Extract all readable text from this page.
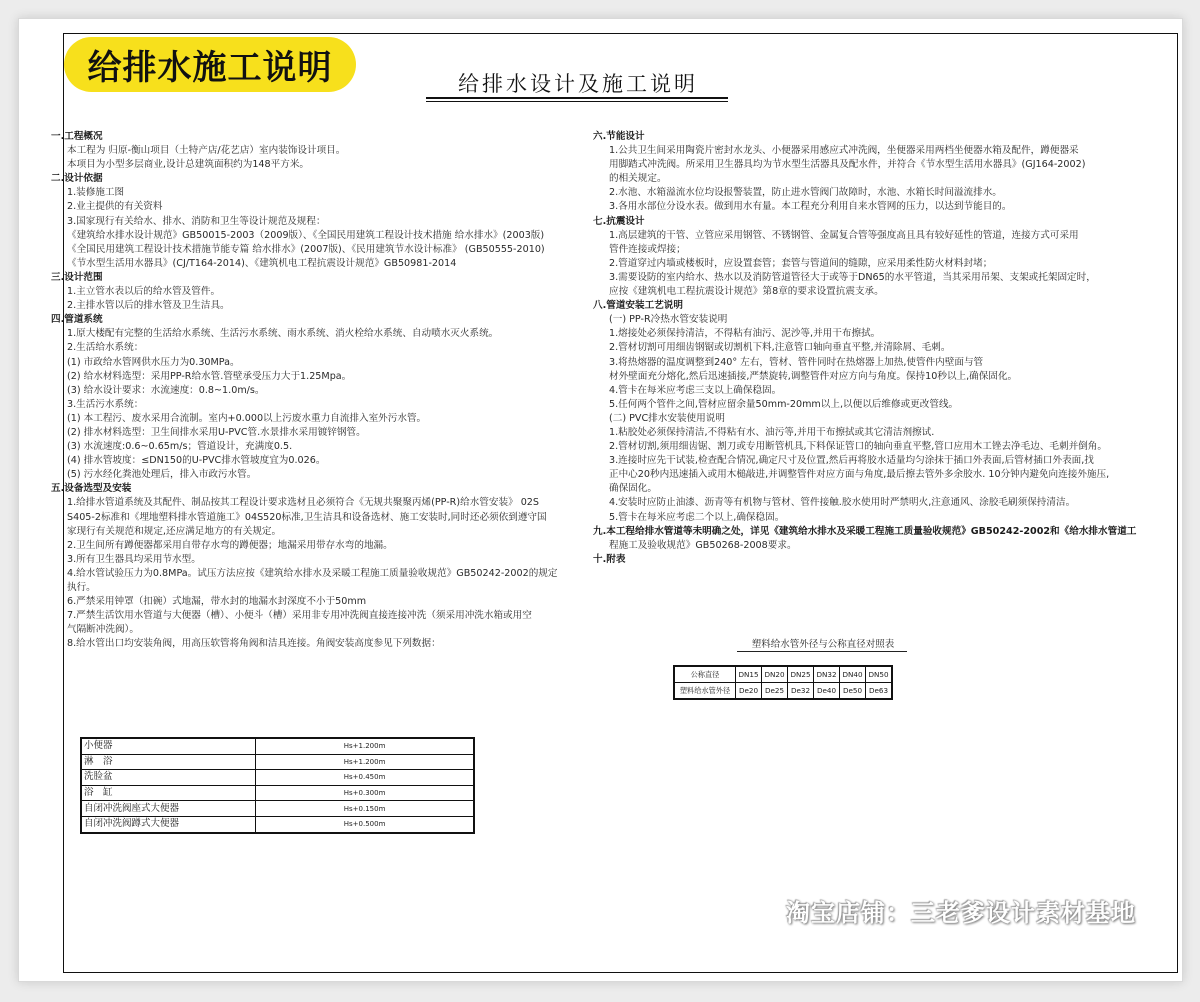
给排水施工说明	给排水设计及施工说明
一.工程概况
本工程为 归原-衡山项目（土特产店/花艺店）室内装饰设计项目。
本项目为小型多层商业,设计总建筑面积约为148平方米。
二.设计依据
1.装修施工图
2.业主提供的有关资料
3.国家现行有关给水、排水、消防和卫生等设计规范及规程：
《建筑给水排水设计规范》GB50015-2003（2009版）、《全国民用建筑工程设计技术措施 给水排水》(2003版)
《全国民用建筑工程设计技术措施节能专篇 给水排水》(2007版)、《民用建筑节水设计标准》 (GB50555-2010)
《节水型生活用水器具》(CJ/T164-2014)、《建筑机电工程抗震设计规范》GB50981-2014
三.设计范围
1.主立管水表以后的给水管及管件。
2.主排水管以后的排水管及卫生洁具。
四.管道系统
1.原大楼配有完整的生活给水系统、生活污水系统、雨水系统、消火栓给水系统、自动喷水灭火系统。
2.生活给水系统：
(1) 市政给水管网供水压力为0.30MPa。
(2) 给水材料选型：采用PP-R给水管.管壁承受压力大于1.25Mpa。
(3) 给水设计要求：水流速度：0.8~1.0m/s。
3.生活污水系统：
(1) 本工程污、废水采用合流制。室内+0.000以上污废水重力自流排入室外污水管。
(2) 排水材料选型：卫生间排水采用U-PVC管.水景排水采用镀锌钢管。
(3) 水流速度:0.6~0.65m/s；管道设计，充满度0.5.
(4) 排水管坡度：≤DN150的U-PVC排水管坡度宜为0.026。
(5) 污水经化粪池处理后，排入市政污水管。
五.设备选型及安装
1.给排水管道系统及其配件、制品按其工程设计要求选材且必须符合《无规共聚聚丙烯(PP-R)给水管安装》 02S
S405-2标准和《埋地塑料排水管道施工》04S520标准,卫生洁具和设备选材、施工安装时,同时还必须依到遵守国
家现行有关规范和规定,还应满足地方的有关规定。
2.卫生间所有蹲便器都采用自带存水弯的蹲便器；地漏采用带存水弯的地漏。
3.所有卫生器具均采用节水型。
4.给水管试验压力为0.8MPa。试压方法应按《建筑给水排水及采暖工程施工质量验收规范》GB50242-2002的规定
执行。
6.严禁采用钟罩（扣碗）式地漏，带水封的地漏水封深度不小于50mm
7.严禁生活饮用水管道与大便器（槽）、小便斗（槽）采用非专用冲洗阀直接连接冲洗（须采用冲洗水箱或用空
气隔断冲洗阀）。
8.给水管出口均安装角阀，用高压软管将角阀和洁具连接。角阀安装高度参见下列数据：
小便器	Hs+1.200m
淋　浴	Hs+1.200m
洗脸盆	Hs+0.450m
浴　缸	Hs+0.300m
自闭冲洗阀座式大便器	Hs+0.150m
自闭冲洗阀蹲式大便器	Hs+0.500m
六.节能设计
1.公共卫生间采用陶瓷片密封水龙头、小便器采用感应式冲洗阀，坐便器采用两档坐便器水箱及配件，蹲便器采
用脚踏式冲洗阀。所采用卫生器具均为节水型生活器具及配水件，并符合《节水型生活用水器具》(GJ164-2002)
的相关规定。
2.水池、水箱溢流水位均设报警装置，防止进水管阀门故障时，水池、水箱长时间溢流排水。
3.各用水部位分设水表。做到用水有量。本工程充分利用自来水管网的压力，以达到节能目的。
七.抗震设计
1.高层建筑的干管、立管应采用钢管、不锈钢管、金属复合管等强度高且具有较好延性的管道，连接方式可采用
管件连接或焊接；
2.管道穿过内墙或楼板时，应设置套管；套管与管道间的缝隙，应采用柔性防火材料封堵；
3.需要设防的室内给水、热水以及消防管道管径大于或等于DN65的水平管道，当其采用吊架、支架或托架固定时，
应按《建筑机电工程抗震设计规范》第8章的要求设置抗震支承。
八.管道安装工艺说明
(一) PP-R冷热水管安装说明
1.熔接处必须保持清洁，不得粘有油污、泥沙等,并用干布擦拭。
2.管材切割可用细齿钢锯或切割机下料,注意管口轴向垂直平整,并清除屑、毛刺。
3.将热熔器的温度调整到240° 左右，管材、管件同时在热熔器上加热,使管件内壁面与管
材外壁面充分熔化,然后迅速插接,严禁旋转,调整管件对应方向与角度。保持10秒以上,确保固化。
4.管卡在每米应考虑三支以上确保稳固。
5.任何两个管件之间,管材应留余量50mm-20mm以上,以便以后维修或更改管线。
(二) PVC排水安装使用说明
1.粘胶处必须保持清洁,不得粘有水、油污等,并用干布擦拭或其它清洁剂擦试.
2.管材切割,须用细齿锯、割刀或专用断管机具,下料保证管口的轴向垂直平整,管口应用木工锉去净毛边、毛刺并倒角。
3.连接时应先干试装,检查配合情况,确定尺寸及位置,然后再将胶水适量均匀涂抹于插口外表面,后管材插口外表面,找
正中心20秒内迅速插入或用木槌敲进,并调整管件对应方面与角度,最后擦去管外多余胶水. 10分钟内避免向连接外施压,
确保固化。
4.安装时应防止油漆、沥青等有机物与管材、管件接触.胶水使用时严禁明火,注意通风、涂胶毛刷须保持清洁。
5.管卡在每米应考虑二个以上,确保稳固。
九.本工程给排水管道等未明确之处，详见《建筑给水排水及采暖工程施工质量验收规范》GB50242-2002和《给水排水管道工
程施工及验收规范》GB50268-2008要求。
十.附表
塑料给水管外径与公称直径对照表
公称直径	DN15	DN20	DN25	DN32	DN40	DN50
塑料给水管外径	De20	De25	De32	De40	De50	De63
淘宝店铺：三老爹设计素材基地
